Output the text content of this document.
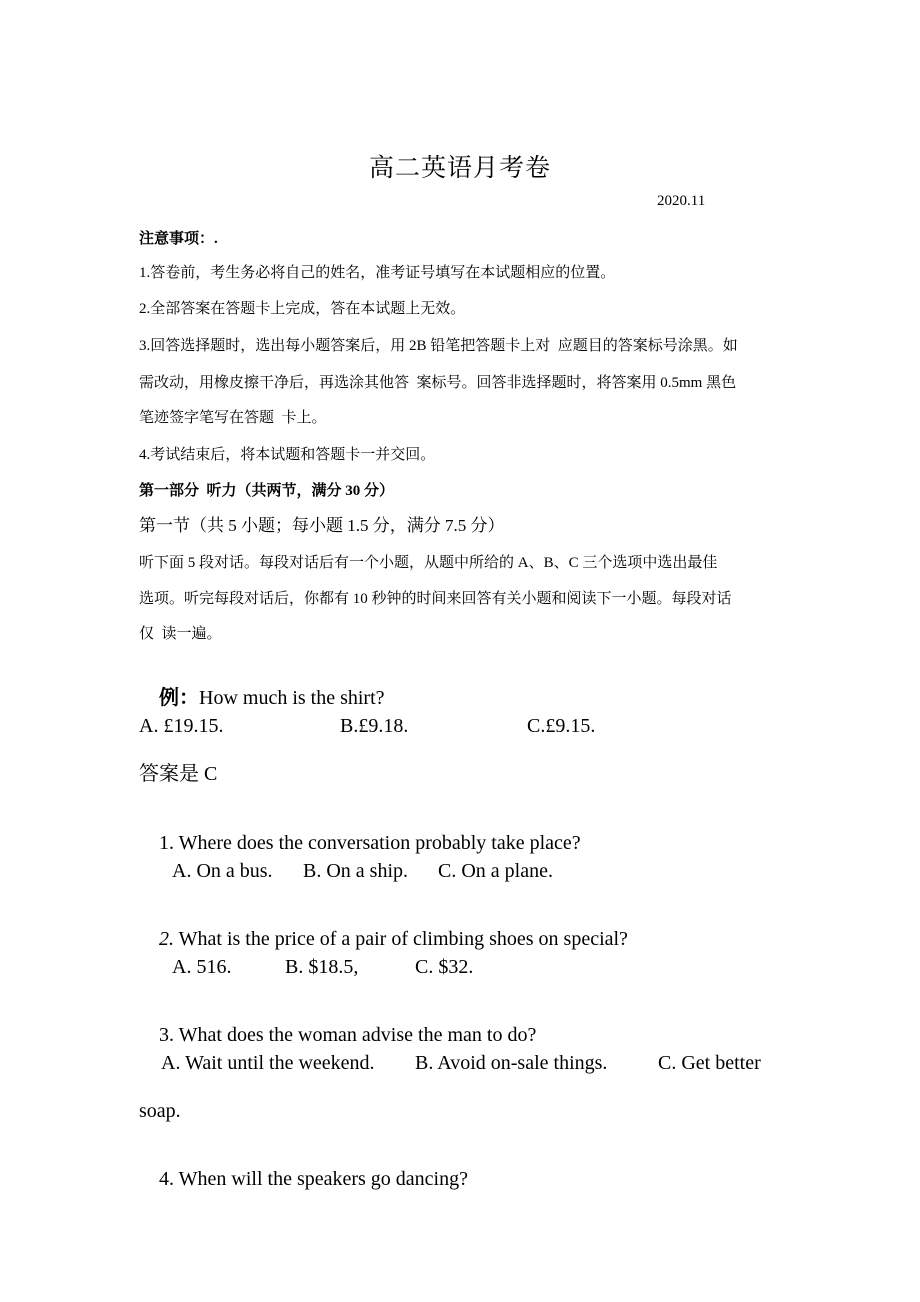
高二英语月考卷
2020.11
注意事项：.
1.答卷前，考生务必将自己的姓名，准考证号填写在本试题相应的位置。
2.全部答案在答题卡上完成，答在本试题上无效。
3.回答选择题时，选出每小题答案后，用 2B 铅笔把答题卡上对  应题目的答案标号涂黑。如
需改动，用橡皮擦干净后，再选涂其他答  案标号。回答非选择题时，将答案用 0.5mm 黑色
笔迹签字笔写在答题  卡上。
4.考试结束后，将本试题和答题卡一并交回。
第一部分  听力（共两节，满分 30 分）
第一节（共 5 小题；每小题 1.5 分，满分 7.5 分）
听下面 5 段对话。每段对话后有一个小题，从题中所给的 A、B、C 三个选项中选出最佳
选项。听完每段对话后，你都有 10 秒钟的时间来回答有关小题和阅读下一小题。每段对话
仅  读一遍。

例：How much is the shirt?

A. £19.15.	B.£9.18.	C.£9.15.
答案是 C

1. Where does the conversation probably take place?

A. On a bus. B. On a ship. C. On a plane.

2. What is the price of a pair of climbing shoes on special?

A. 516.	B. $18.5,	C. $32.

3. What does the woman advise the man to do?

A. Wait until the weekend. B. Avoid on-sale things.	C. Get better
soap.

4. When will the speakers go dancing?
